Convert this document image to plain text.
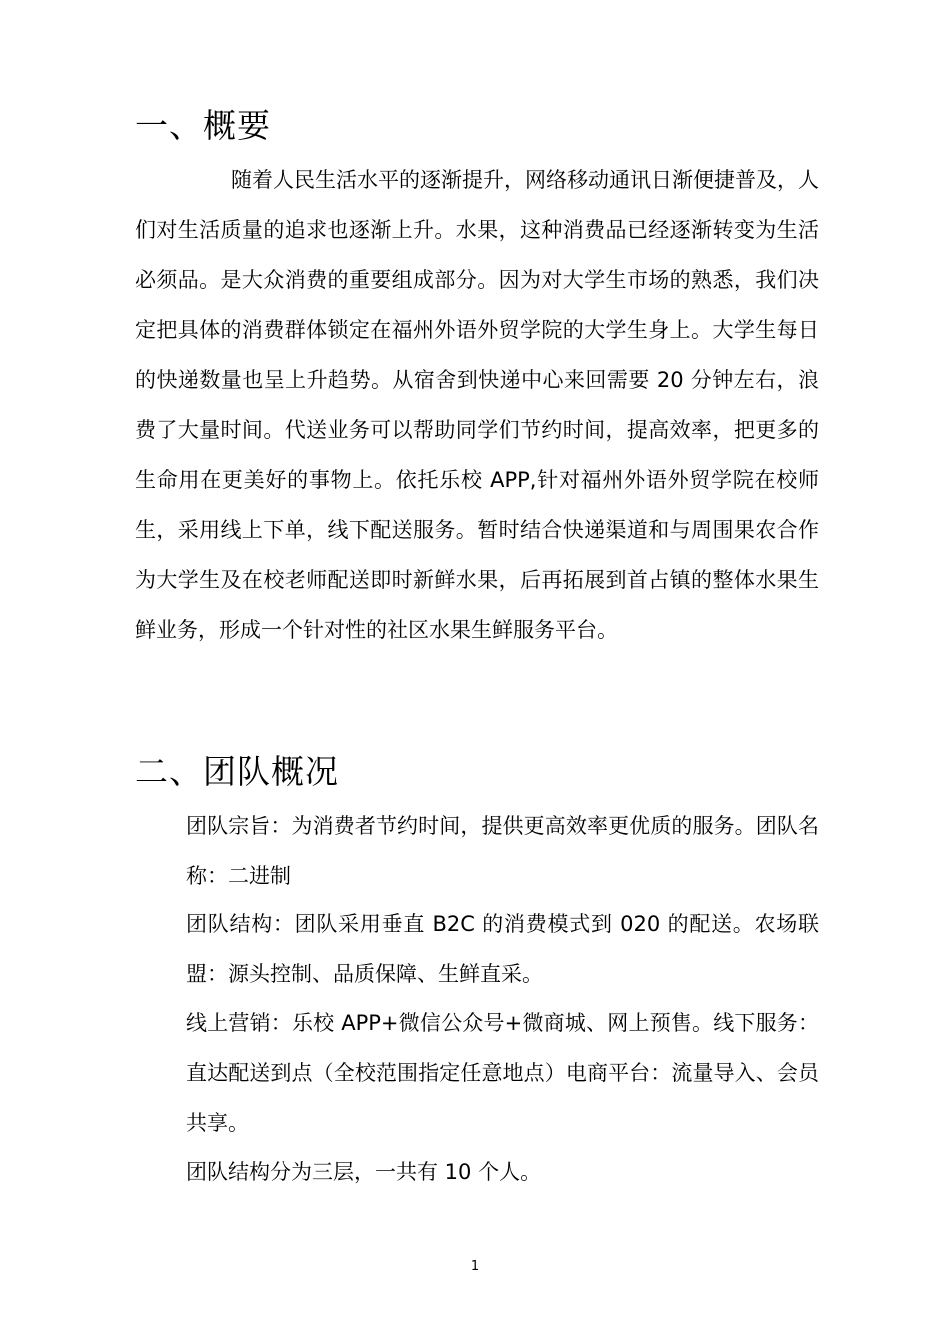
一、概要

随着人民生活水平的逐渐提升，网络移动通讯日渐便捷普及，人们对生活质量的追求也逐渐上升。水果，这种消费品已经逐渐转变为生活必须品。是大众消费的重要组成部分。因为对大学生市场的熟悉，我们决定把具体的消费群体锁定在福州外语外贸学院的大学生身上。大学生每日的快递数量也呈上升趋势。从宿舍到快递中心来回需要 20 分钟左右，浪费了大量时间。代送业务可以帮助同学们节约时间，提高效率，把更多的生命用在更美好的事物上。依托乐校 APP,针对福州外语外贸学院在校师生，采用线上下单，线下配送服务。暂时结合快递渠道和与周围果农合作为大学生及在校老师配送即时新鲜水果，后再拓展到首占镇的整体水果生鲜业务，形成一个针对性的社区水果生鲜服务平台。

二、团队概况

团队宗旨：为消费者节约时间，提供更高效率更优质的服务。团队名称：二进制

团队结构：团队采用垂直 B2C 的消费模式到 020 的配送。农场联盟：源头控制、品质保障、生鲜直采。

线上营销：乐校 APP+微信公众号+微商城、网上预售。线下服务：直达配送到点（全校范围指定任意地点）电商平台：流量导入、会员共享。

团队结构分为三层，一共有 10 个人。

1
